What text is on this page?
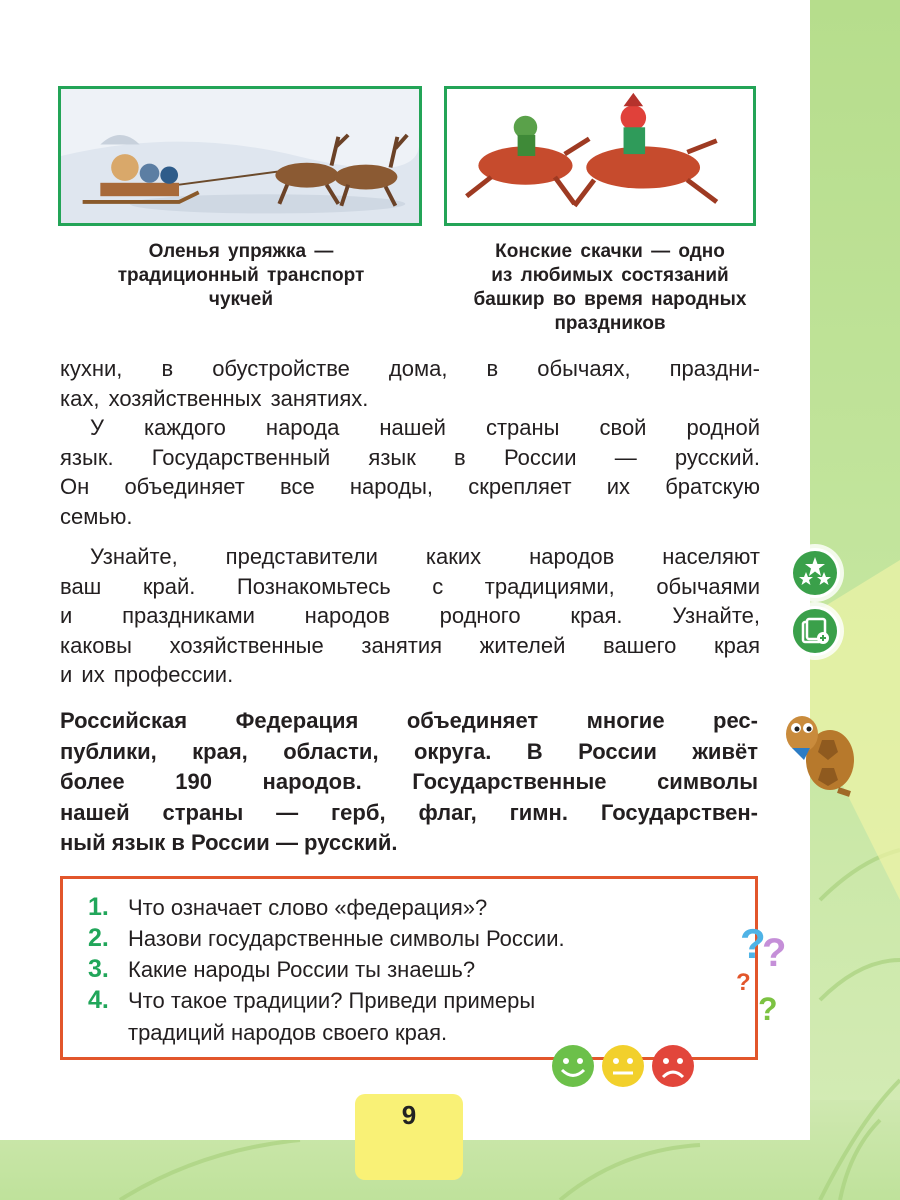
Оленья упряжка —
традиционный транспорт
чукчей
Конские скачки — одно
из любимых состязаний
башкир во время народных
праздников
кухни, в обустройстве дома, в обычаях, праздни-
ках, хозяйственных занятиях.
У каждого народа нашей страны свой родной
язык. Государственный язык в России — русский.
Он объединяет все народы, скрепляет их братскую
семью.
Узнайте, представители каких народов населяют
ваш край. Познакомьтесь с традициями, обычаями
и праздниками народов родного края. Узнайте,
каковы хозяйственные занятия жителей вашего края
и их профессии.
Российская Федерация объединяет многие рес-
публики, края, области, округа. В России живёт
более 190 народов. Государственные символы
нашей страны — герб, флаг, гимн. Государствен-
ный язык в России — русский.
1. Что означает слово «федерация»?
2. Назови государственные символы России.
3. Какие народы России ты знаешь?
4. Что такое традиции? Приведи примеры
традиций народов своего края.
?
?
?
?
9
